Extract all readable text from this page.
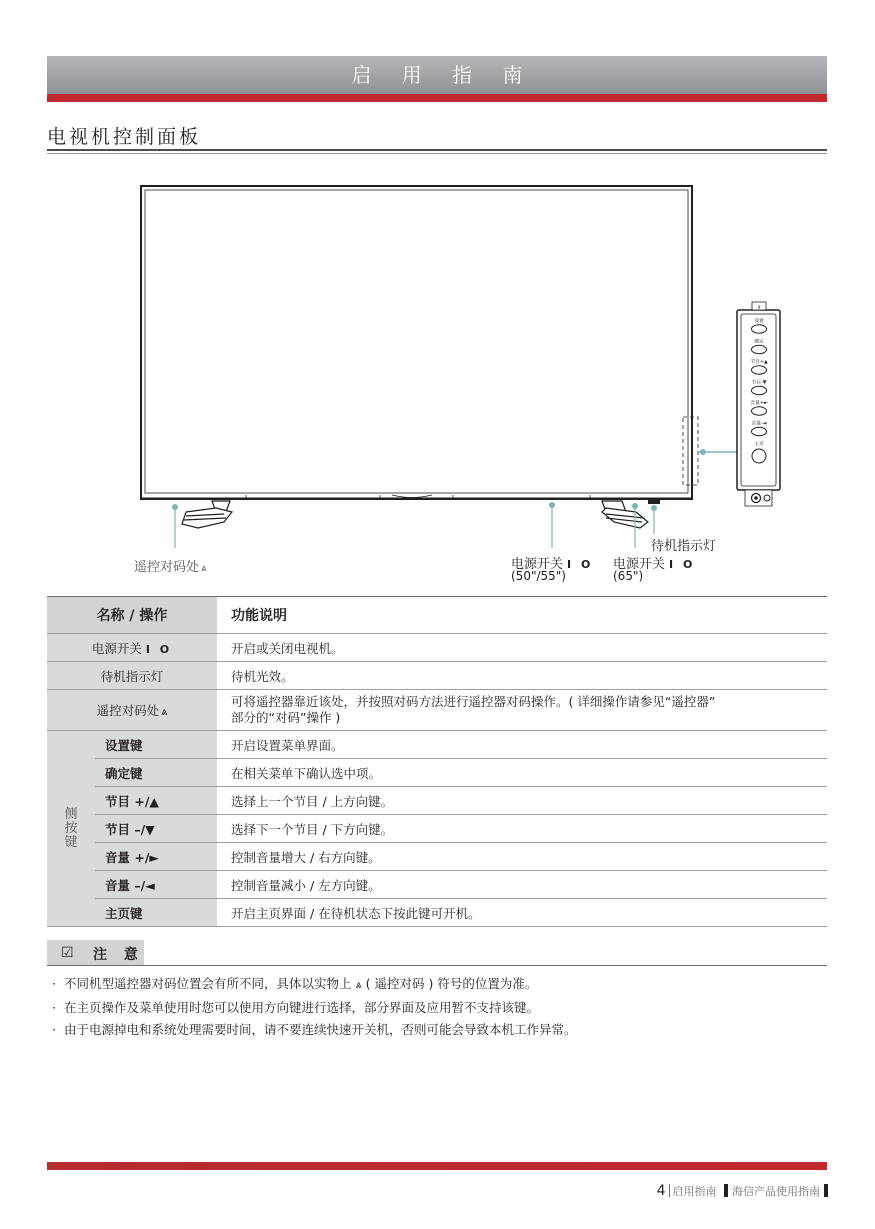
启 用 指 南
电视机控制面板
a
设置
确定
节目+▲
节目-▼
音量+►
音量-◄
主页
遥控对码处 ⩓	电源开关 I O
(50"/55")
电源开关 I O
(65")
待机指示灯
名称 / 操作		功能说明
电源开关 I O		开启或关闭电视机。
待机指示灯		待机光效。
遥控对码处 ⩓		可将遥控器靠近该处，并按照对码方法进行遥控器对码操作。( 详细操作请参见“遥控器”
部分的“对码”操作 )

侧
按
键	设置键	开启设置菜单界面。
	确定键	在相关菜单下确认选中项。
	节目 +/▲	选择上一个节目 / 上方向键。
	节目 –/▼	选择下一个节目 / 下方向键。
	音量 +/►	控制音量增大 / 右方向键。
	音量 –/◄	控制音量减小 / 左方向键。
	主页键	开启主页界面 / 在待机状态下按此键可开机。
☑ 注 意
· 不同机型遥控器对码位置会有所不同，具体以实物上 ⩓ ( 遥控对码 ) 符号的位置为准。
· 在主页操作及菜单使用时您可以使用方向键进行选择，部分界面及应用暂不支持该键。
· 由于电源掉电和系统处理需要时间，请不要连续快速开关机，否则可能会导致本机工作异常。
4 启用指南 海信产品使用指南
